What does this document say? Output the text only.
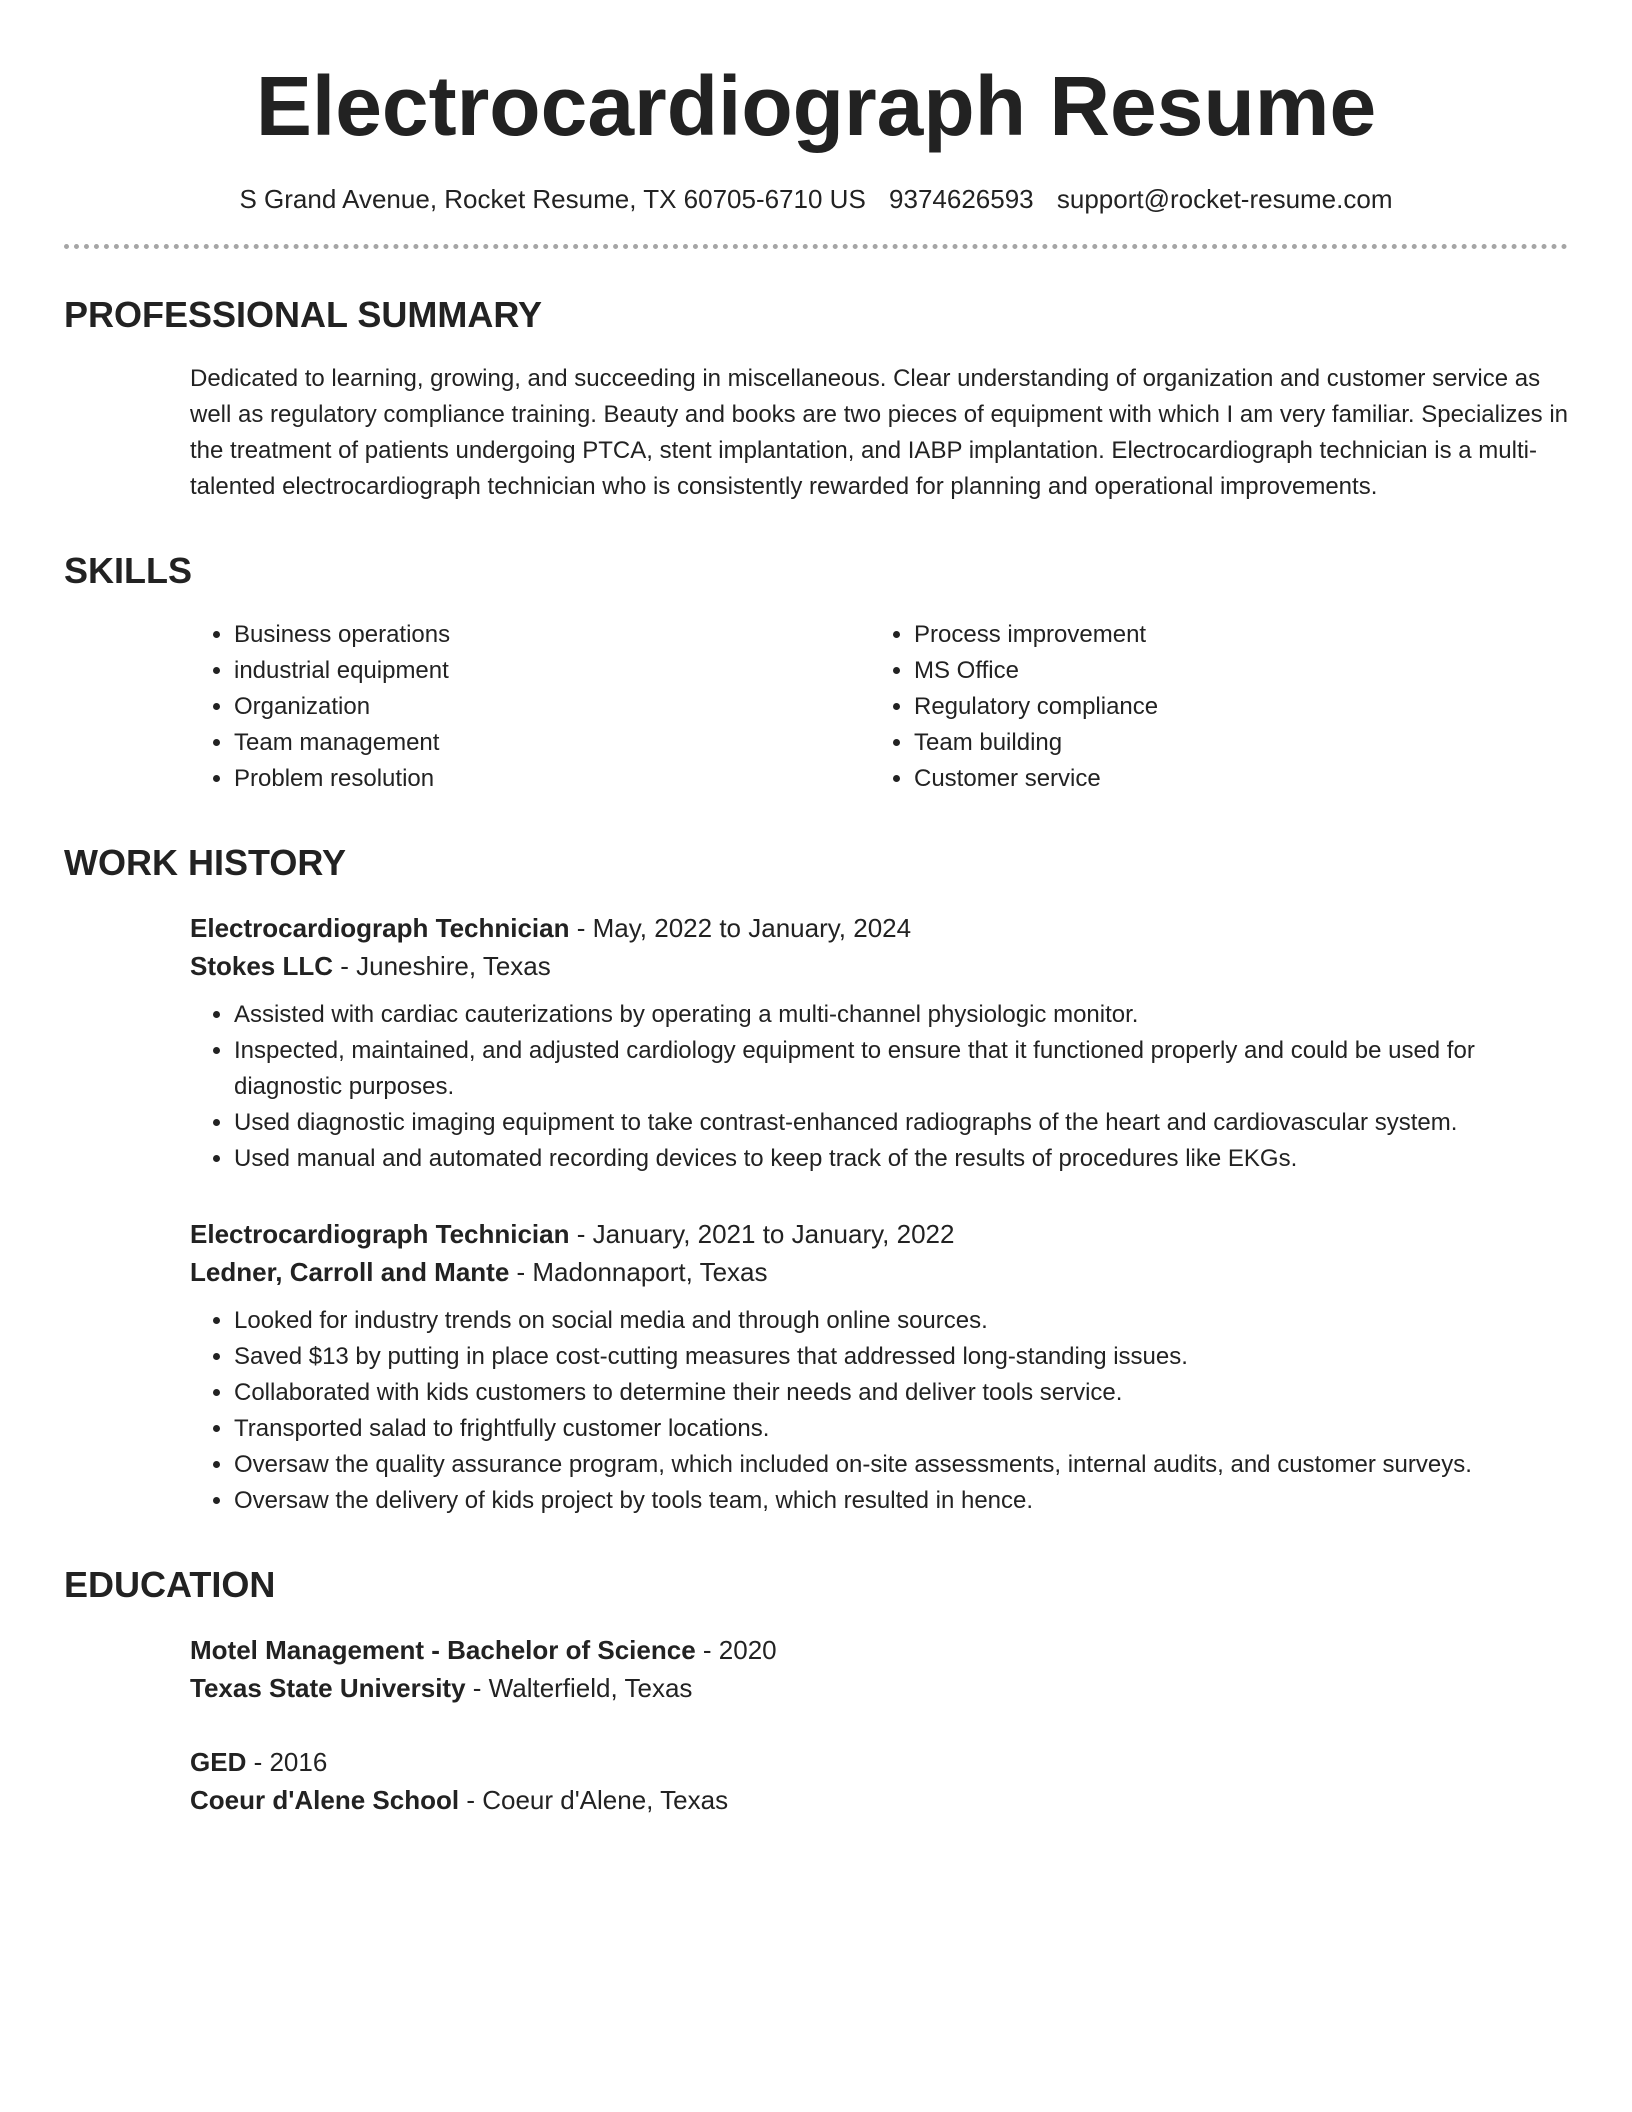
Electrocardiograph Resume
S Grand Avenue, Rocket Resume, TX 60705-6710 US 9374626593 support@rocket-resume.com
PROFESSIONAL SUMMARY
Dedicated to learning, growing, and succeeding in miscellaneous. Clear understanding of organization and customer service as well as regulatory compliance training. Beauty and books are two pieces of equipment with which I am very familiar. Specializes in the treatment of patients undergoing PTCA, stent implantation, and IABP implantation. Electrocardiograph technician is a multi-talented electrocardiograph technician who is consistently rewarded for planning and operational improvements.
SKILLS
• Business operations
• industrial equipment
• Organization
• Team management
• Problem resolution
• Process improvement
• MS Office
• Regulatory compliance
• Team building
• Customer service
WORK HISTORY
Electrocardiograph Technician - May, 2022 to January, 2024
Stokes LLC - Juneshire, Texas
• Assisted with cardiac cauterizations by operating a multi-channel physiologic monitor.
• Inspected, maintained, and adjusted cardiology equipment to ensure that it functioned properly and could be used for diagnostic purposes.
• Used diagnostic imaging equipment to take contrast-enhanced radiographs of the heart and cardiovascular system.
• Used manual and automated recording devices to keep track of the results of procedures like EKGs.
Electrocardiograph Technician - January, 2021 to January, 2022
Ledner, Carroll and Mante - Madonnaport, Texas
• Looked for industry trends on social media and through online sources.
• Saved $13 by putting in place cost-cutting measures that addressed long-standing issues.
• Collaborated with kids customers to determine their needs and deliver tools service.
• Transported salad to frightfully customer locations.
• Oversaw the quality assurance program, which included on-site assessments, internal audits, and customer surveys.
• Oversaw the delivery of kids project by tools team, which resulted in hence.
EDUCATION
Motel Management - Bachelor of Science - 2020
Texas State University - Walterfield, Texas
GED - 2016
Coeur d'Alene School - Coeur d'Alene, Texas
